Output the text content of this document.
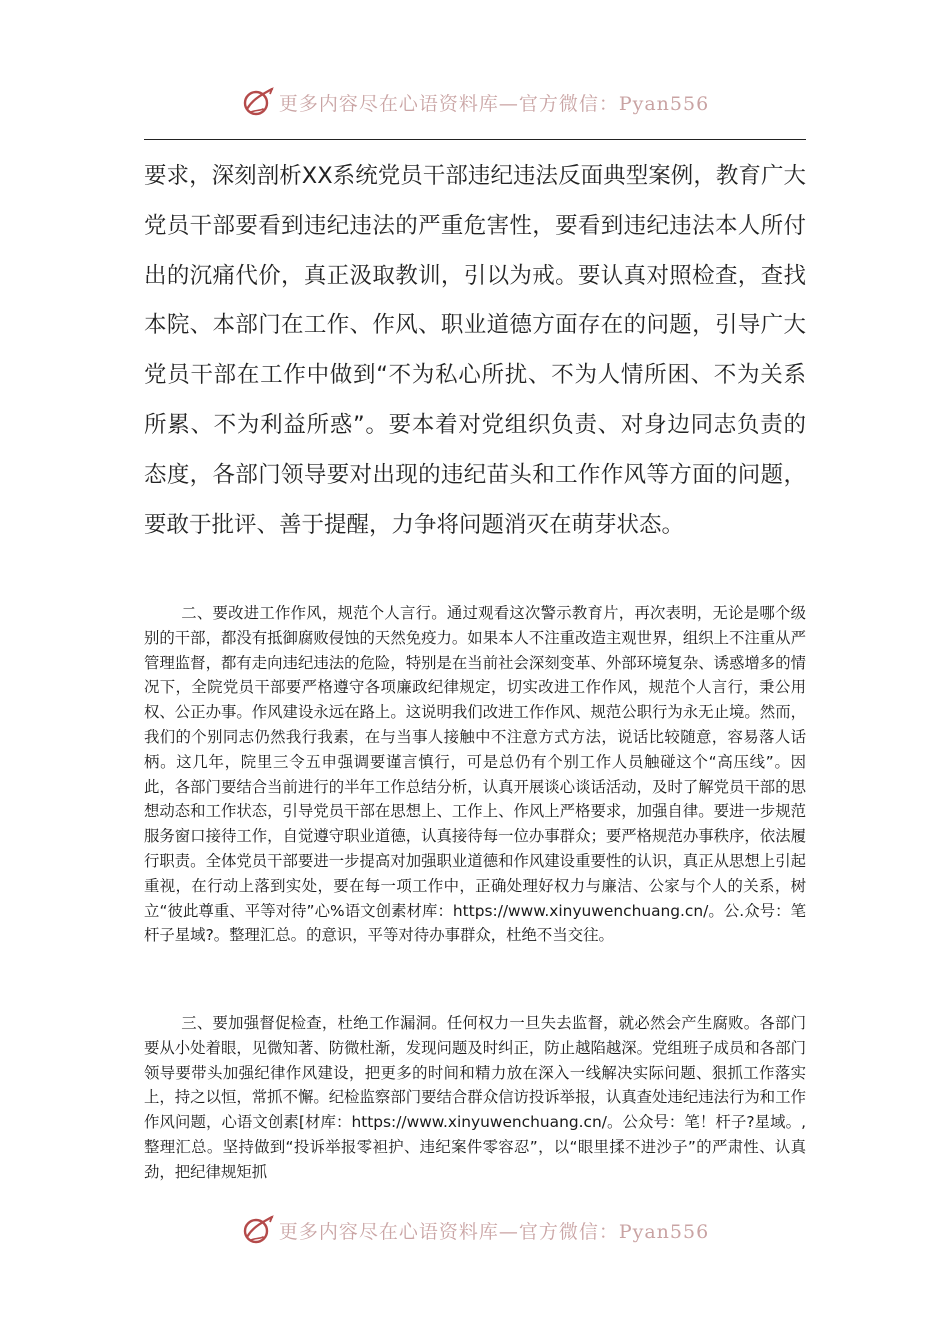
更多内容尽在心语资料库—官方微信：Pyan556

要求，深刻剖析XX系统党员干部违纪违法反面典型案例，教育广大党员干部要看到违纪违法的严重危害性，要看到违纪违法本人所付出的沉痛代价，真正汲取教训，引以为戒。要认真对照检查，查找本院、本部门在工作、作风、职业道德方面存在的问题，引导广大党员干部在工作中做到“不为私心所扰、不为人情所困、不为关系所累、不为利益所惑”。要本着对党组织负责、对身边同志负责的态度，各部门领导要对出现的违纪苗头和工作作风等方面的问题，要敢于批评、善于提醒，力争将问题消灭在萌芽状态。

二、要改进工作作风，规范个人言行。通过观看这次警示教育片，再次表明，无论是哪个级别的干部，都没有抵御腐败侵蚀的天然免疫力。如果本人不注重改造主观世界，组织上不注重从严管理监督，都有走向违纪违法的危险，特别是在当前社会深刻变革、外部环境复杂、诱惑增多的情况下，全院党员干部要严格遵守各项廉政纪律规定，切实改进工作作风，规范个人言行，秉公用权、公正办事。作风建设永远在路上。这说明我们改进工作作风、规范公职行为永无止境。然而，我们的个别同志仍然我行我素，在与当事人接触中不注意方式方法，说话比较随意，容易落人话柄。这几年，院里三令五申强调要谨言慎行，可是总仍有个别工作人员触碰这个“高压线”。因此，各部门要结合当前进行的半年工作总结分析，认真开展谈心谈话活动，及时了解党员干部的思想动态和工作状态，引导党员干部在思想上、工作上、作风上严格要求，加强自律。要进一步规范服务窗口接待工作，自觉遵守职业道德，认真接待每一位办事群众；要严格规范办事秩序，依法履行职责。全体党员干部要进一步提高对加强职业道德和作风建设重要性的认识，真正从思想上引起重视，在行动上落到实处，要在每一项工作中，正确处理好权力与廉洁、公家与个人的关系，树立“彼此尊重、平等对待”心%语文创素材库：https://www.xinyuwenchuang.cn/。公.众号：笔杆子星域?。整理汇总。的意识，平等对待办事群众，杜绝不当交往。

三、要加强督促检查，杜绝工作漏洞。任何权力一旦失去监督，就必然会产生腐败。各部门要从小处着眼，见微知著、防微杜渐，发现问题及时纠正，防止越陷越深。党组班子成员和各部门领导要带头加强纪律作风建设，把更多的时间和精力放在深入一线解决实际问题、狠抓工作落实上，持之以恒，常抓不懈。纪检监察部门要结合群众信访投诉举报，认真查处违纪违法行为和工作作风问题，心语文创素[材库：https://www.xinyuwenchuang.cn/。公众号：笔！杆子?星域。,整理汇总。坚持做到“投诉举报零袒护、违纪案件零容忍”，以“眼里揉不进沙子”的严肃性、认真劲，把纪律规矩抓

更多内容尽在心语资料库—官方微信：Pyan556
